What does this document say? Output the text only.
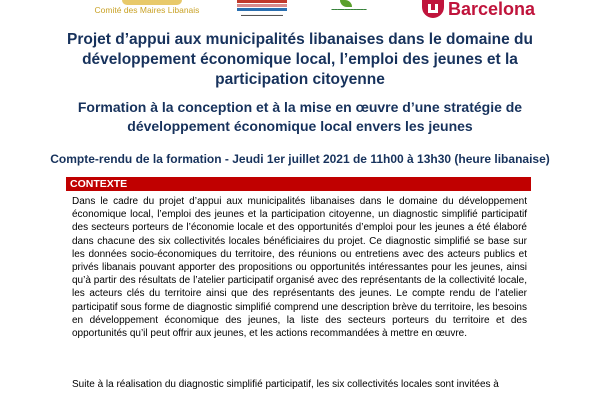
Comité des Maires Libanais	▬▬▬▬▬▬▬▬▬▬▬▬
▬▬▬▬▬▬▬▬▬▬▬	Barcelona
Projet d’appui aux municipalités libanaises dans le domaine du développement économique local, l’emploi des jeunes et la participation citoyenne
Formation à la conception et à la mise en œuvre d’une stratégie de développement économique local envers les jeunes
Compte-rendu de la formation - Jeudi 1er juillet 2021 de 11h00 à 13h30 (heure libanaise)
CONTEXTE
Dans le cadre du projet d’appui aux municipalités libanaises dans le domaine du développement économique local, l’emploi des jeunes et la participation citoyenne, un diagnostic simplifié participatif des secteurs porteurs de l’économie locale et des opportunités d’emploi pour les jeunes a été élaboré dans chacune des six collectivités locales bénéficiaires du projet. Ce diagnostic simplifié se base sur les données socio-économiques du territoire, des réunions ou entretiens avec des acteurs publics et privés libanais pouvant apporter des propositions ou opportunités intéressantes pour les jeunes, ainsi qu’à partir des résultats de l’atelier participatif organisé avec des représentants de la collectivité locale, les acteurs clés du territoire ainsi que des représentants des jeunes. Le compte rendu de l’atelier participatif sous forme de diagnostic simplifié comprend une description brève du territoire, les besoins en développement économique des jeunes, la liste des secteurs porteurs du territoire et des opportunités qu’il peut offrir aux jeunes, et les actions recommandées à mettre en œuvre.
Suite à la réalisation du diagnostic simplifié participatif, les six collectivités locales sont invitées à
